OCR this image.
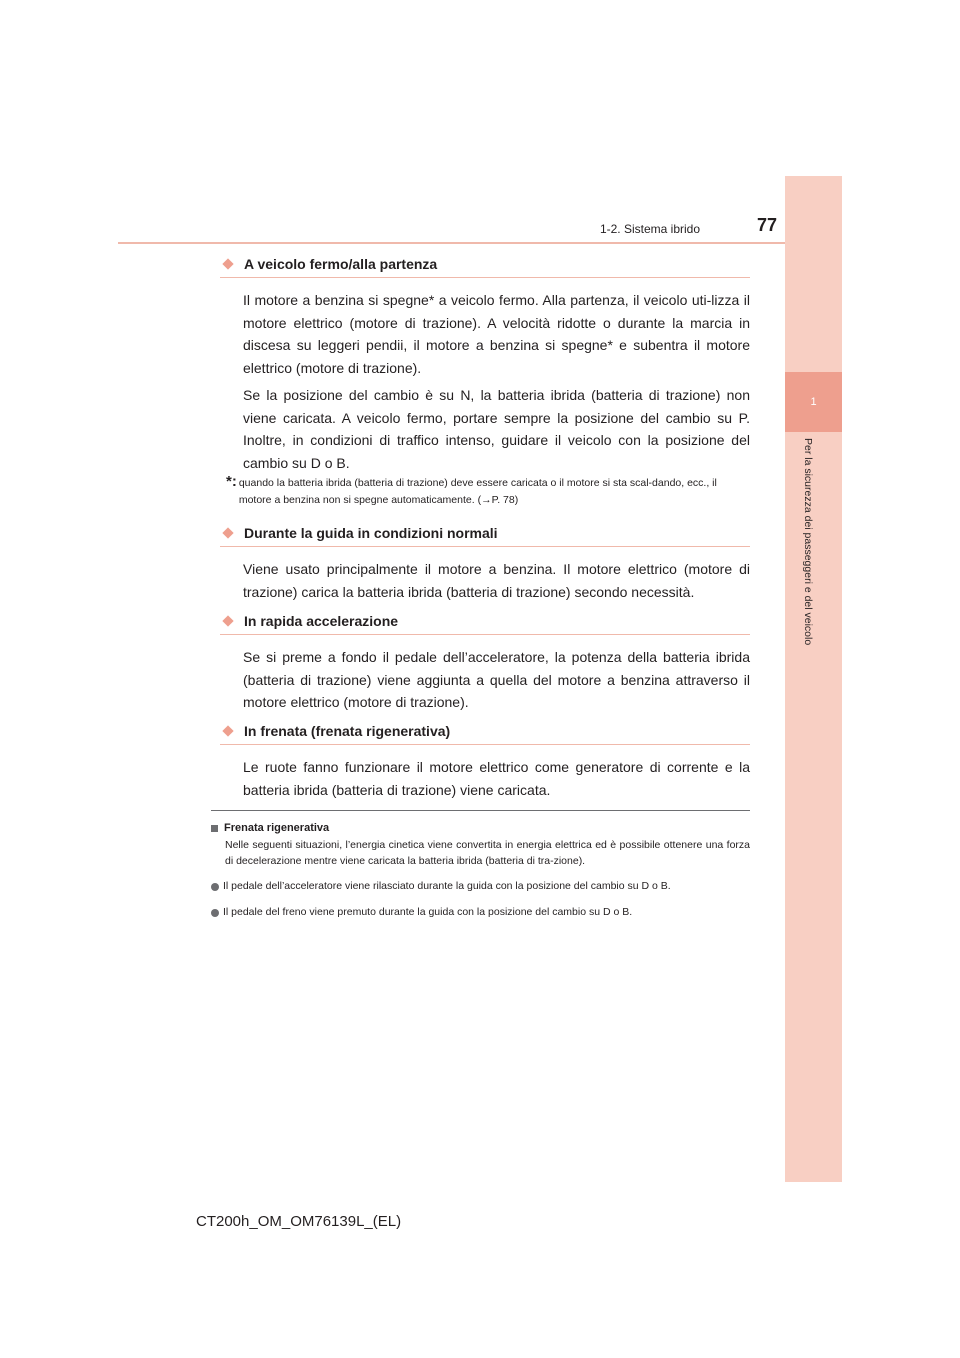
1
Per la sicurezza dei passeggeri e del veicolo
1-2. Sistema ibrido	77
A veicolo fermo/alla partenza

Il motore a benzina si spegne* a veicolo fermo. Alla partenza, il veicolo uti-lizza il motore elettrico (motore di trazione). A velocità ridotte o durante la marcia in discesa su leggeri pendii, il motore a benzina si spegne* e subentra il motore elettrico (motore di trazione).

Se la posizione del cambio è su N, la batteria ibrida (batteria di trazione) non viene caricata. A veicolo fermo, portare sempre la posizione del cambio su P. Inoltre, in condizioni di traffico intenso, guidare il veicolo con la posizione del cambio su D o B.

*: quando la batteria ibrida (batteria di trazione) deve essere caricata o il motore si sta scal-dando, ecc., il motore a benzina non si spegne automaticamente. (→P. 78)
Durante la guida in condizioni normali

Viene usato principalmente il motore a benzina. Il motore elettrico (motore di trazione) carica la batteria ibrida (batteria di trazione) secondo necessità.

In rapida accelerazione

Se si preme a fondo il pedale dell’acceleratore, la potenza della batteria ibrida (batteria di trazione) viene aggiunta a quella del motore a benzina attraverso il motore elettrico (motore di trazione).

In frenata (frenata rigenerativa)

Le ruote fanno funzionare il motore elettrico come generatore di corrente e la batteria ibrida (batteria di trazione) viene caricata.

Frenata rigenerativa

Nelle seguenti situazioni, l’energia cinetica viene convertita in energia elettrica ed è possibile ottenere una forza di decelerazione mentre viene caricata la batteria ibrida (batteria di tra-zione).

Il pedale dell’acceleratore viene rilasciato durante la guida con la posizione del cambio su D o B.
Il pedale del freno viene premuto durante la guida con la posizione del cambio su D o B.
CT200h_OM_OM76139L_(EL)
